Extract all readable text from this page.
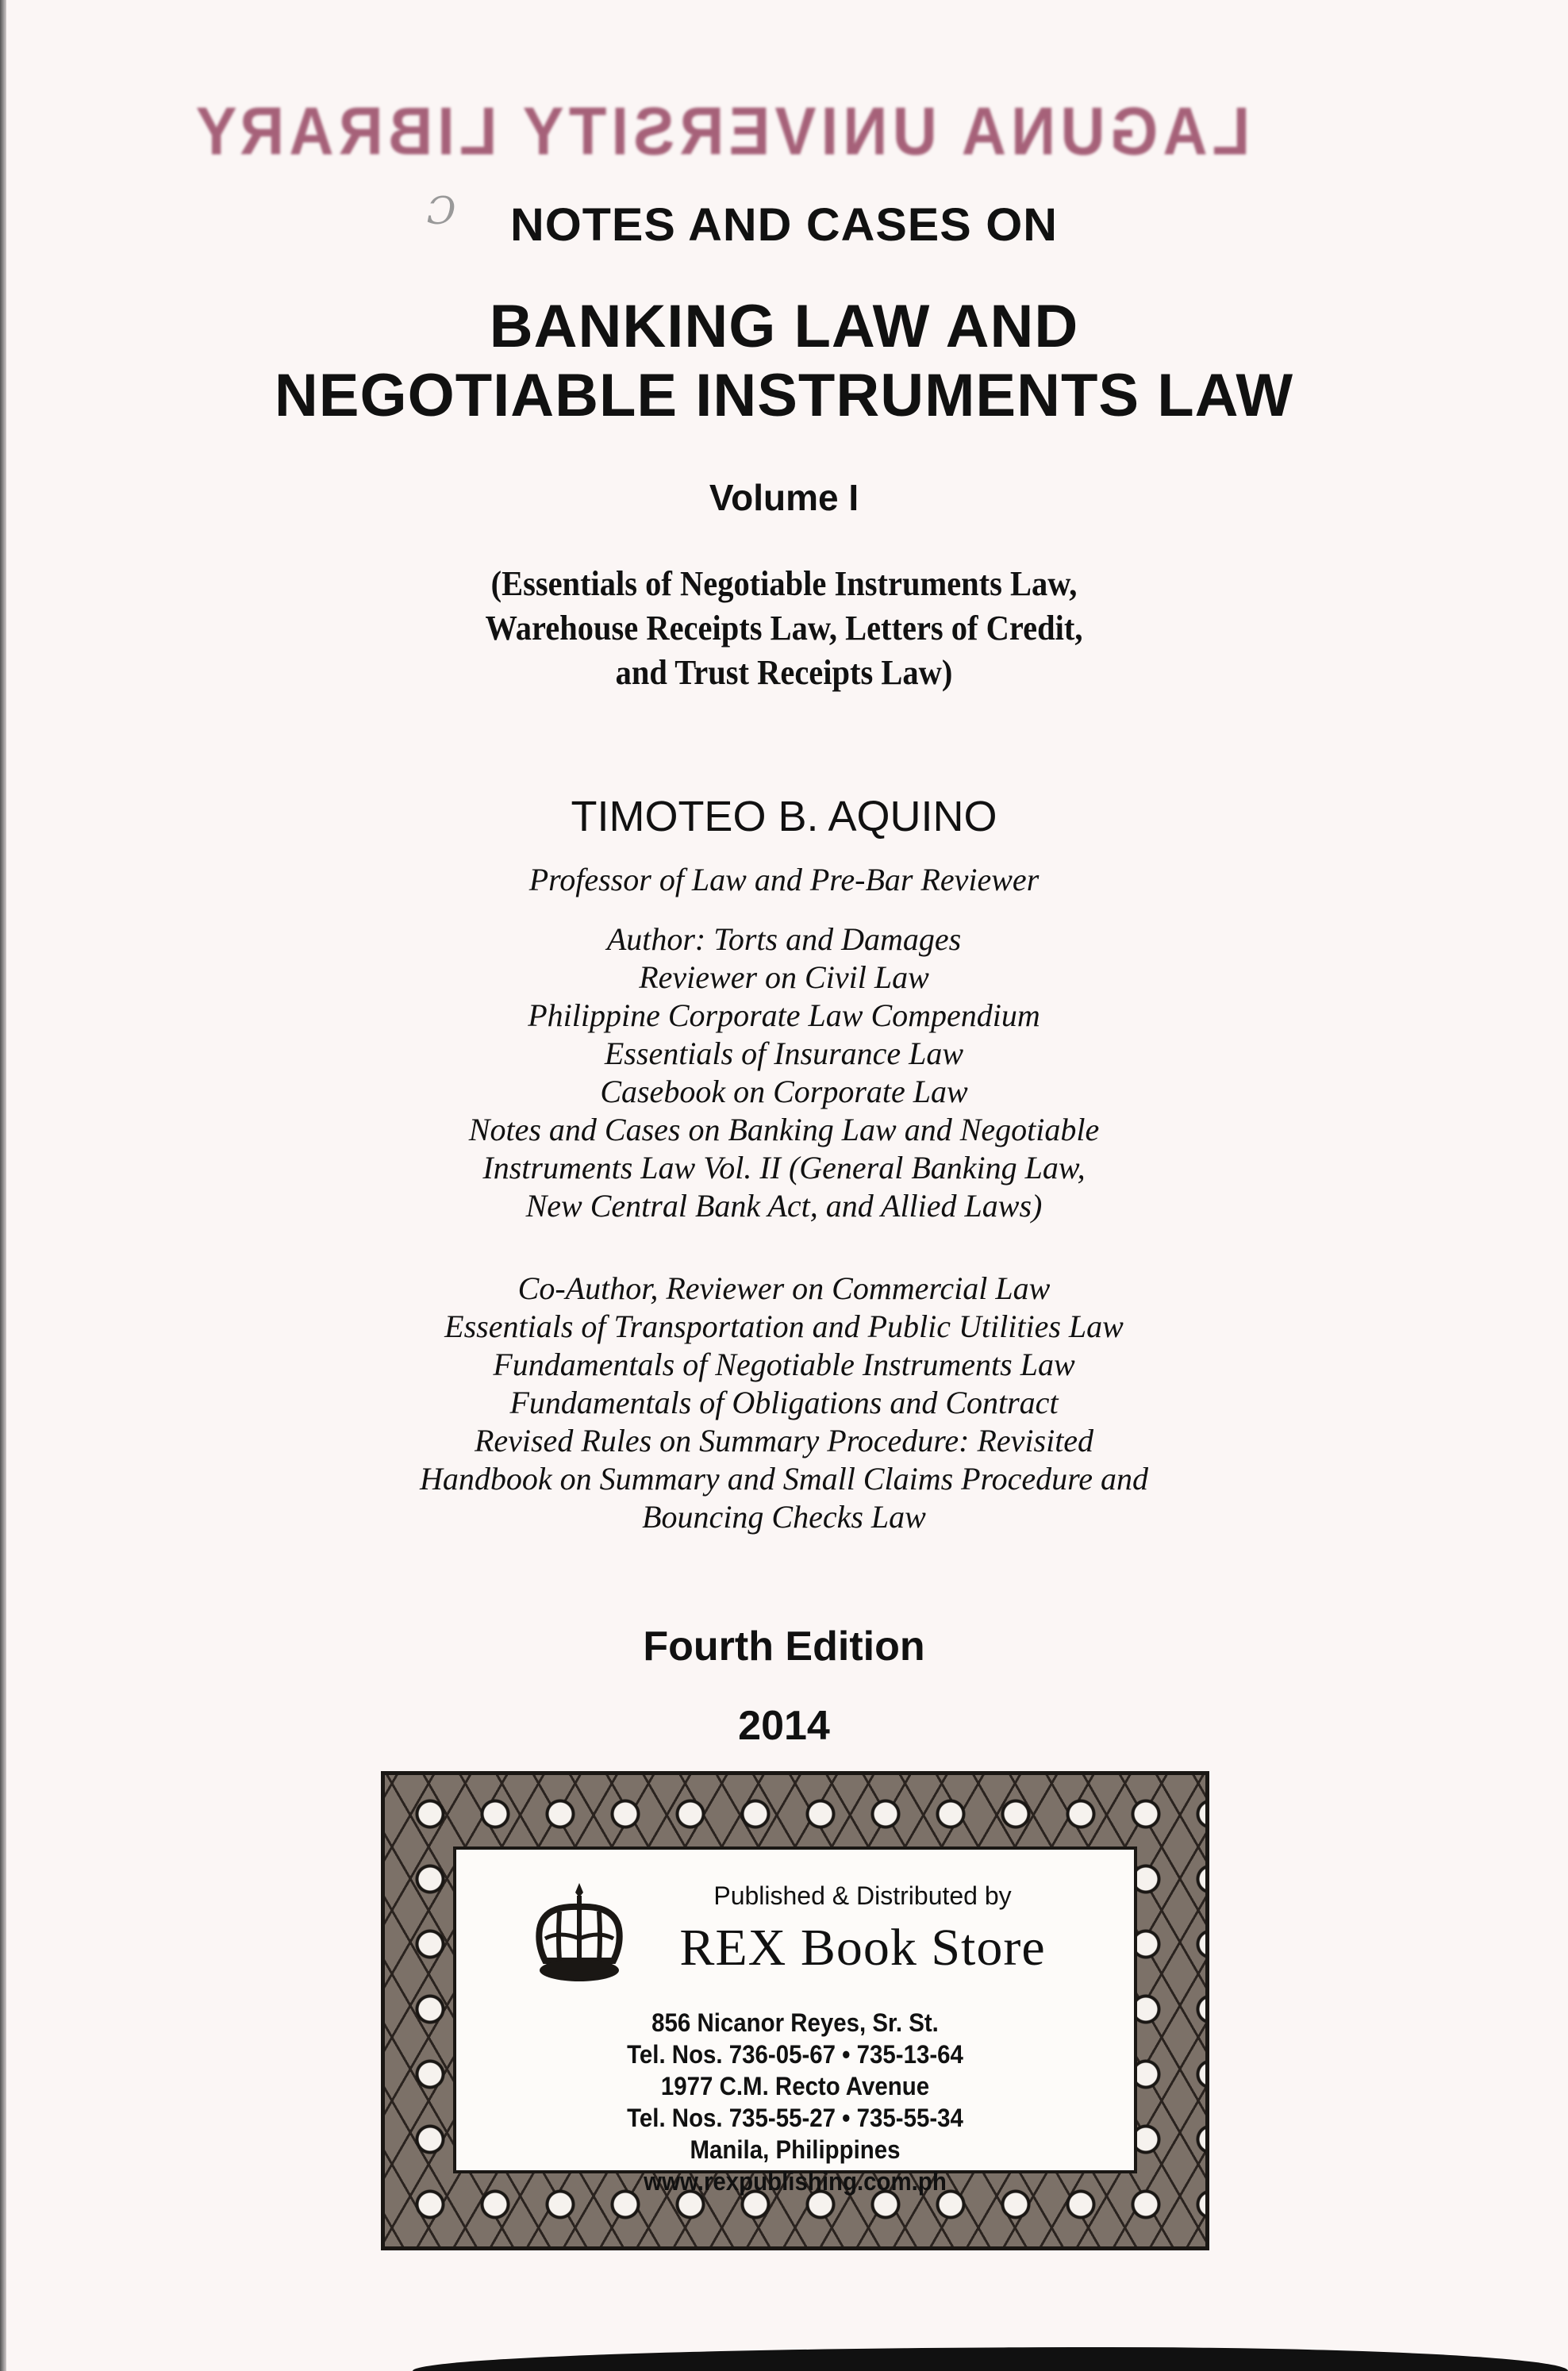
LAGUNA UNIVERSITY LIBRARY
Ɔ	NOTES AND CASES ON
BANKING LAW AND
NEGOTIABLE INSTRUMENTS LAW
Volume I
(Essentials of Negotiable Instruments Law,
Warehouse Receipts Law, Letters of Credit,
and Trust Receipts Law)
TIMOTEO B. AQUINO
Professor of Law and Pre-Bar Reviewer
Author: Torts and Damages
Reviewer on Civil Law
Philippine Corporate Law Compendium
Essentials of Insurance Law
Casebook on Corporate Law
Notes and Cases on Banking Law and Negotiable
Instruments Law Vol. II (General Banking Law,
New Central Bank Act, and Allied Laws)
Co-Author, Reviewer on Commercial Law
Essentials of Transportation and Public Utilities Law
Fundamentals of Negotiable Instruments Law
Fundamentals of Obligations and Contract
Revised Rules on Summary Procedure: Revisited
Handbook on Summary and Small Claims Procedure and
Bouncing Checks Law
Fourth Edition
2014
Published & Distributed by
REX Book Store
856 Nicanor Reyes, Sr. St.
Tel. Nos. 736-05-67 • 735-13-64
1977 C.M. Recto Avenue
Tel. Nos. 735-55-27 • 735-55-34
Manila, Philippines
www.rexpublishing.com.ph
